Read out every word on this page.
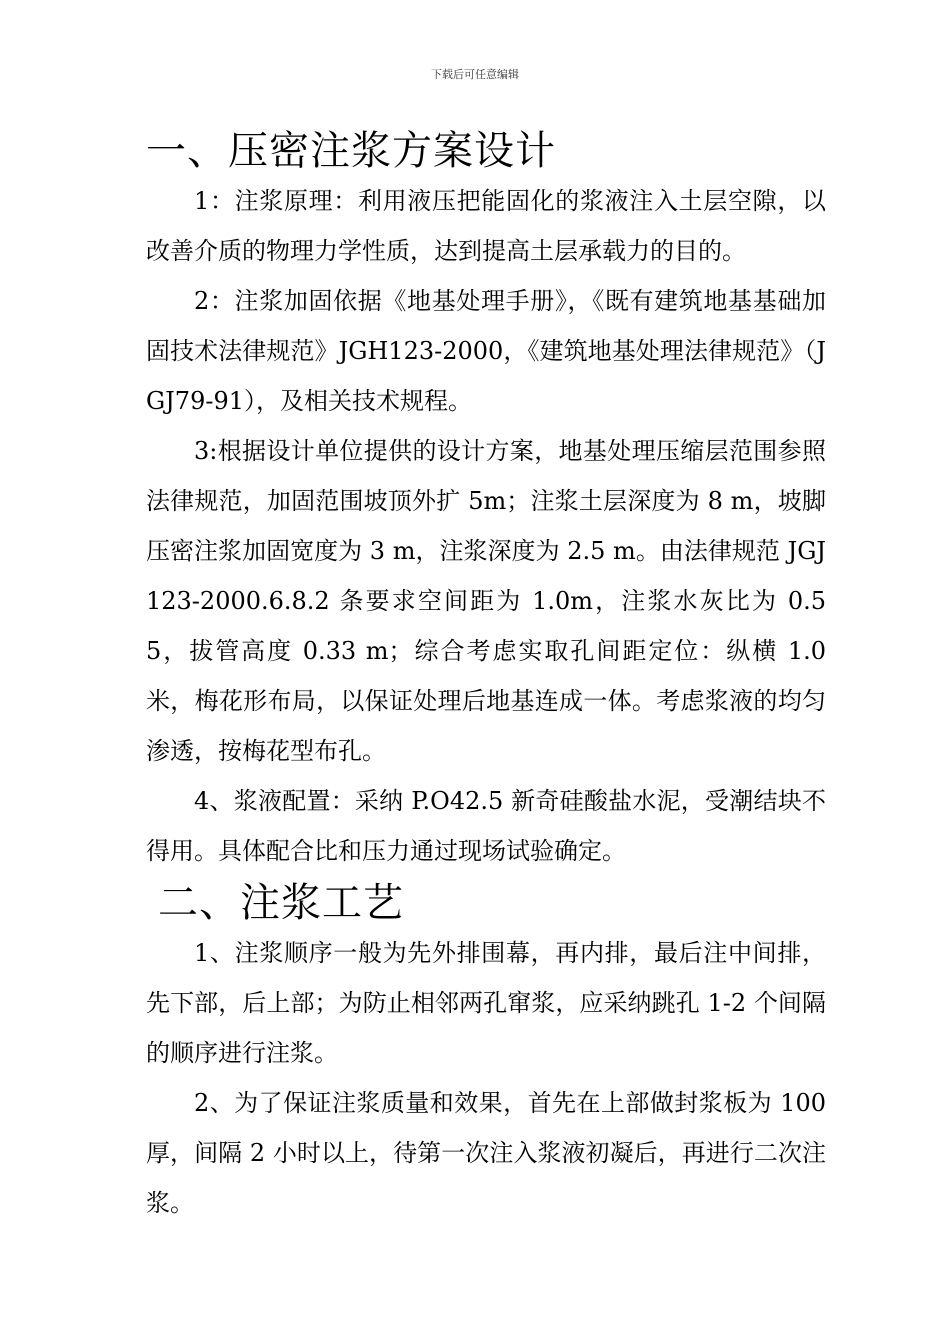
下载后可任意编辑
一、压密注浆方案设计

1：注浆原理：利用液压把能固化的浆液注入土层空隙，以改善介质的物理力学性质，达到提高土层承载力的目的。

2：注浆加固依据《地基处理手册》，《既有建筑地基基础加固技术法律规范》JGH123-2000，《建筑地基处理法律规范》（JGJ79-91），及相关技术规程。

3:根据设计单位提供的设计方案，地基处理压缩层范围参照法律规范，加固范围坡顶外扩 5m；注浆土层深度为 8 m，坡脚压密注浆加固宽度为 3 m，注浆深度为 2.5 m。由法律规范 JGJ123-2000.6.8.2 条要求空间距为 1.0m，注浆水灰比为 0.55，拔管高度 0.33 m；综合考虑实取孔间距定位：纵横 1.0 米，梅花形布局，以保证处理后地基连成一体。考虑浆液的均匀渗透，按梅花型布孔。

4、浆液配置：采纳 P.O42.5 新奇硅酸盐水泥，受潮结块不得用。具体配合比和压力通过现场试验确定。

二、注浆工艺

1、注浆顺序一般为先外排围幕，再内排，最后注中间排，先下部，后上部；为防止相邻两孔窜浆，应采纳跳孔 1-2 个间隔的顺序进行注浆。

2、为了保证注浆质量和效果，首先在上部做封浆板为 100 厚，间隔 2 小时以上，待第一次注入浆液初凝后，再进行二次注浆。
